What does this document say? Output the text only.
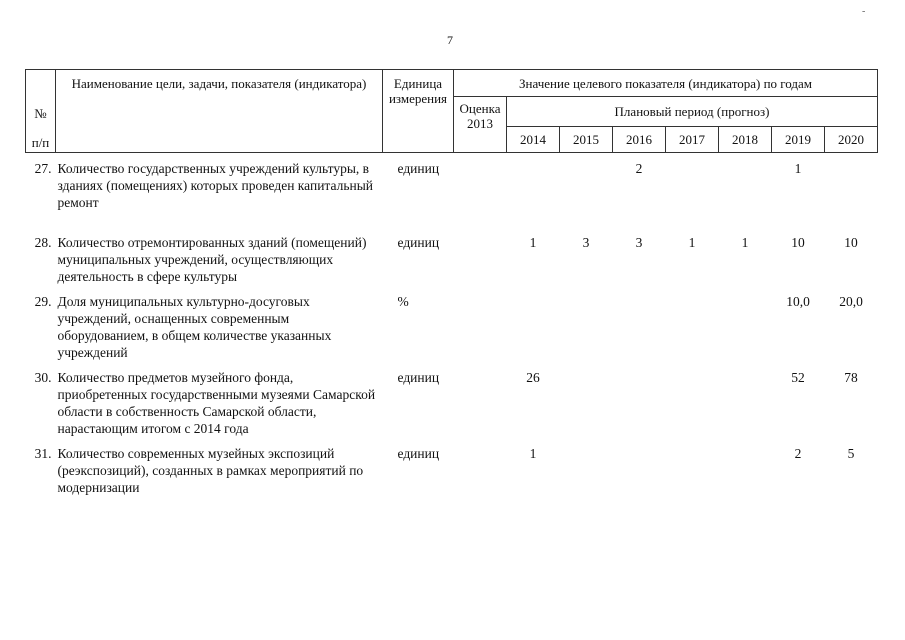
7
-
№
п/п	Наименование цели, задачи, показателя (индикатора)	Единица измерения	Значение целевого показателя (индикатора) по годам							
			Оценка 2013	Плановый период (прогноз)						
				2014	2015	2016	2017	2018	2019	2020

27.	Количество государственных учреждений культуры, в зданиях (помещениях) которых проведен капитальный ремонт	единиц				2			1	

28.	Количество отремонтированных зданий (помещений) муниципальных учреждений, осуществляющих деятельность в сфере культуры	единиц		1	3	3	1	1	10	10

29.	Доля муниципальных культурно-досуговых учреждений, оснащенных современным оборудованием, в общем количестве указанных учреждений	%							10,0	20,0

30.	Количество предметов музейного фонда, приобретенных государственными музеями Самарской области в собственность Самарской области, нарастающим итогом с 2014 года	единиц		26					52	78

31.	Количество современных музейных экспозиций (реэкспозиций), созданных в рамках мероприятий по модернизации	единиц		1					2	5
